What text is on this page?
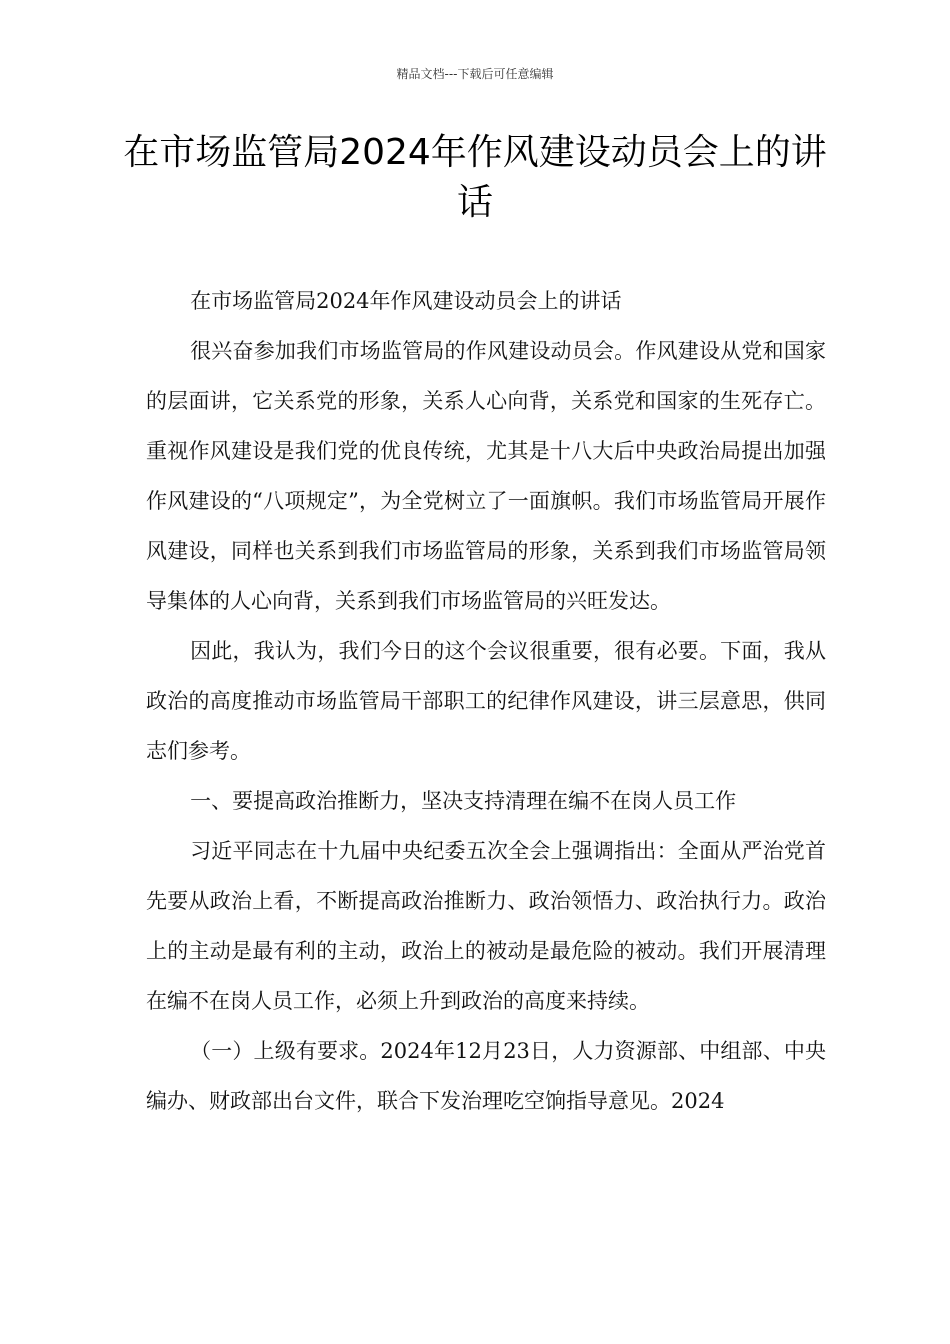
精品文档---下载后可任意编辑
在市场监管局2024年作风建设动员会上的讲话

在市场监管局2024年作风建设动员会上的讲话

很兴奋参加我们市场监管局的作风建设动员会。作风建设从党和国家的层面讲，它关系党的形象，关系人心向背，关系党和国家的生死存亡。重视作风建设是我们党的优良传统，尤其是十八大后中央政治局提出加强作风建设的“八项规定”，为全党树立了一面旗帜。我们市场监管局开展作风建设，同样也关系到我们市场监管局的形象，关系到我们市场监管局领导集体的人心向背，关系到我们市场监管局的兴旺发达。

因此，我认为，我们今日的这个会议很重要，很有必要。下面，我从政治的高度推动市场监管局干部职工的纪律作风建设，讲三层意思，供同志们参考。

一、要提高政治推断力，坚决支持清理在编不在岗人员工作

习近平同志在十九届中央纪委五次全会上强调指出：全面从严治党首先要从政治上看，不断提高政治推断力、政治领悟力、政治执行力。政治上的主动是最有利的主动，政治上的被动是最危险的被动。我们开展清理在编不在岗人员工作，必须上升到政治的高度来持续。

（一）上级有要求。2024年12月23日，人力资源部、中组部、中央编办、财政部出台文件，联合下发治理吃空饷指导意见。2024
